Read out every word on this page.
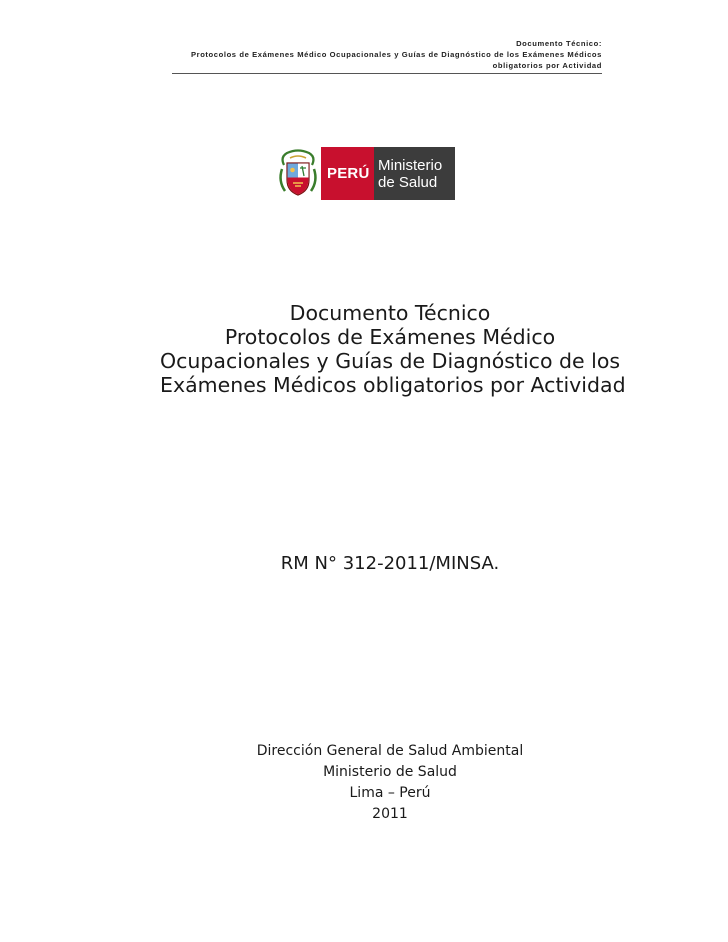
Documento Técnico:
Protocolos de Exámenes Médico Ocupacionales y Guías de Diagnóstico de los Exámenes Médicos
obligatorios por Actividad
PERÚ Ministerio
de Salud
Documento Técnico
Protocolos de Exámenes Médico
Ocupacionales y Guías de Diagnóstico de los
Exámenes Médicos obligatorios por Actividad
RM N° 312-2011/MINSA.
Dirección General de Salud Ambiental
Ministerio de Salud
Lima – Perú
2011
